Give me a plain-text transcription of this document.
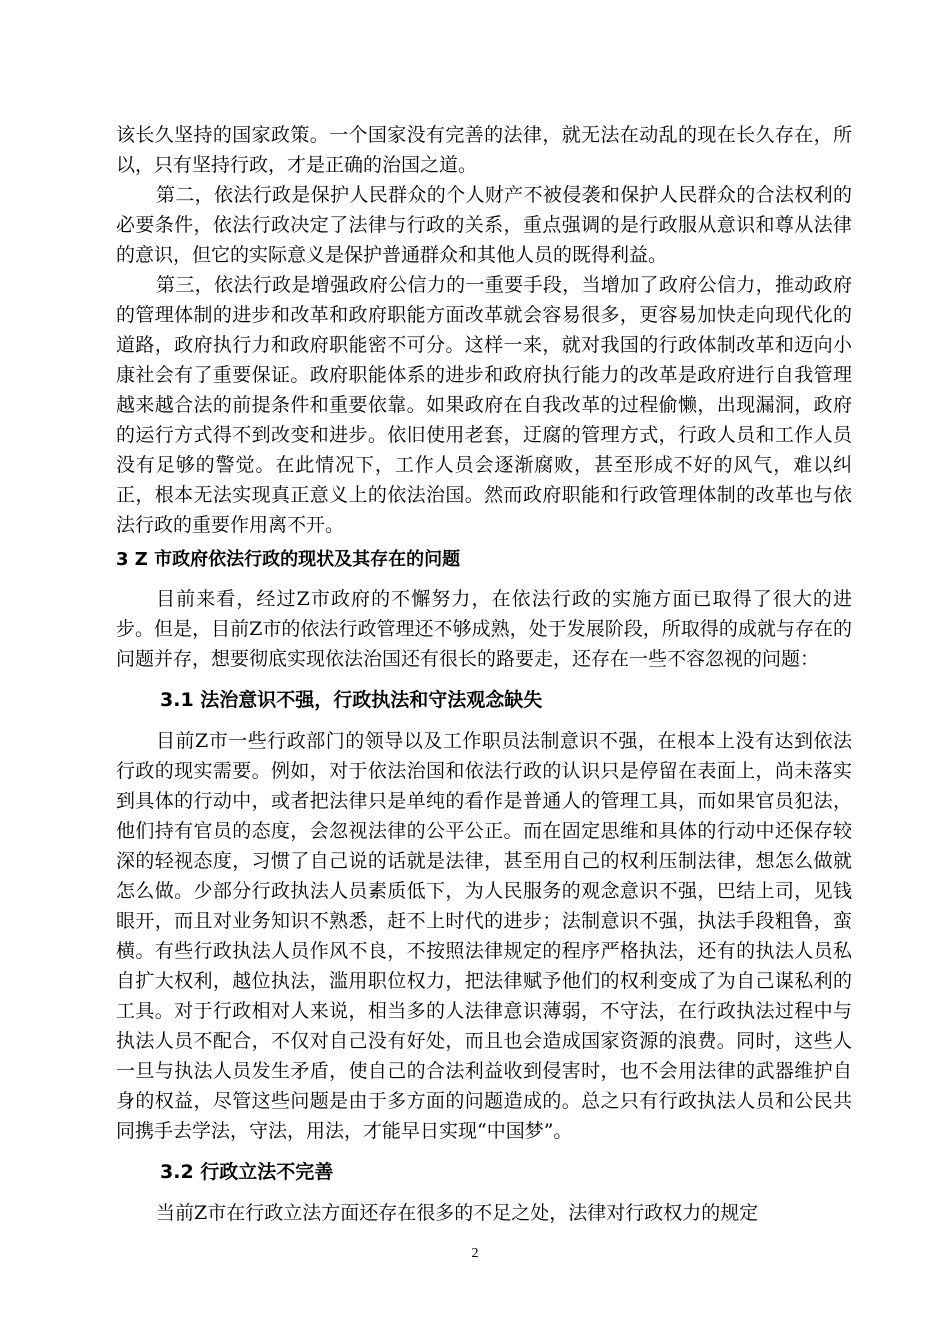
该长久坚持的国家政策。一个国家没有完善的法律，就无法在动乱的现在长久存在，所以，只有坚持行政，才是正确的治国之道。

第二，依法行政是保护人民群众的个人财产不被侵袭和保护人民群众的合法权利的必要条件，依法行政决定了法律与行政的关系，重点强调的是行政服从意识和尊从法律的意识，但它的实际意义是保护普通群众和其他人员的既得利益。

第三，依法行政是增强政府公信力的一重要手段，当增加了政府公信力，推动政府的管理体制的进步和改革和政府职能方面改革就会容易很多，更容易加快走向现代化的道路，政府执行力和政府职能密不可分。这样一来，就对我国的行政体制改革和迈向小康社会有了重要保证。政府职能体系的进步和政府执行能力的改革是政府进行自我管理越来越合法的前提条件和重要依靠。如果政府在自我改革的过程偷懒，出现漏洞，政府的运行方式得不到改变和进步。依旧使用老套，迂腐的管理方式，行政人员和工作人员没有足够的警觉。在此情况下，工作人员会逐渐腐败，甚至形成不好的风气，难以纠正，根本无法实现真正意义上的依法治国。然而政府职能和行政管理体制的改革也与依法行政的重要作用离不开。

3 Z 市政府依法行政的现状及其存在的问题

目前来看，经过Z市政府的不懈努力，在依法行政的实施方面已取得了很大的进步。但是，目前Z市的依法行政管理还不够成熟，处于发展阶段，所取得的成就与存在的问题并存，想要彻底实现依法治国还有很长的路要走，还存在一些不容忽视的问题：

3.1 法治意识不强，行政执法和守法观念缺失

目前Z市一些行政部门的领导以及工作职员法制意识不强，在根本上没有达到依法行政的现实需要。例如，对于依法治国和依法行政的认识只是停留在表面上，尚未落实到具体的行动中，或者把法律只是单纯的看作是普通人的管理工具，而如果官员犯法，他们持有官员的态度，会忽视法律的公平公正。而在固定思维和具体的行动中还保存较深的轻视态度，习惯了自己说的话就是法律，甚至用自己的权利压制法律，想怎么做就怎么做。少部分行政执法人员素质低下，为人民服务的观念意识不强，巴结上司，见钱眼开，而且对业务知识不熟悉，赶不上时代的进步；法制意识不强，执法手段粗鲁，蛮横。有些行政执法人员作风不良，不按照法律规定的程序严格执法，还有的执法人员私自扩大权利，越位执法，滥用职位权力，把法律赋予他们的权利变成了为自己谋私利的工具。对于行政相对人来说，相当多的人法律意识薄弱，不守法，在行政执法过程中与执法人员不配合，不仅对自己没有好处，而且也会造成国家资源的浪费。同时，这些人一旦与执法人员发生矛盾，使自己的合法利益收到侵害时，也不会用法律的武器维护自身的权益，尽管这些问题是由于多方面的问题造成的。总之只有行政执法人员和公民共同携手去学法，守法，用法，才能早日实现“中国梦”。

3.2 行政立法不完善

当前Z市在行政立法方面还存在很多的不足之处，法律对行政权力的规定

2
